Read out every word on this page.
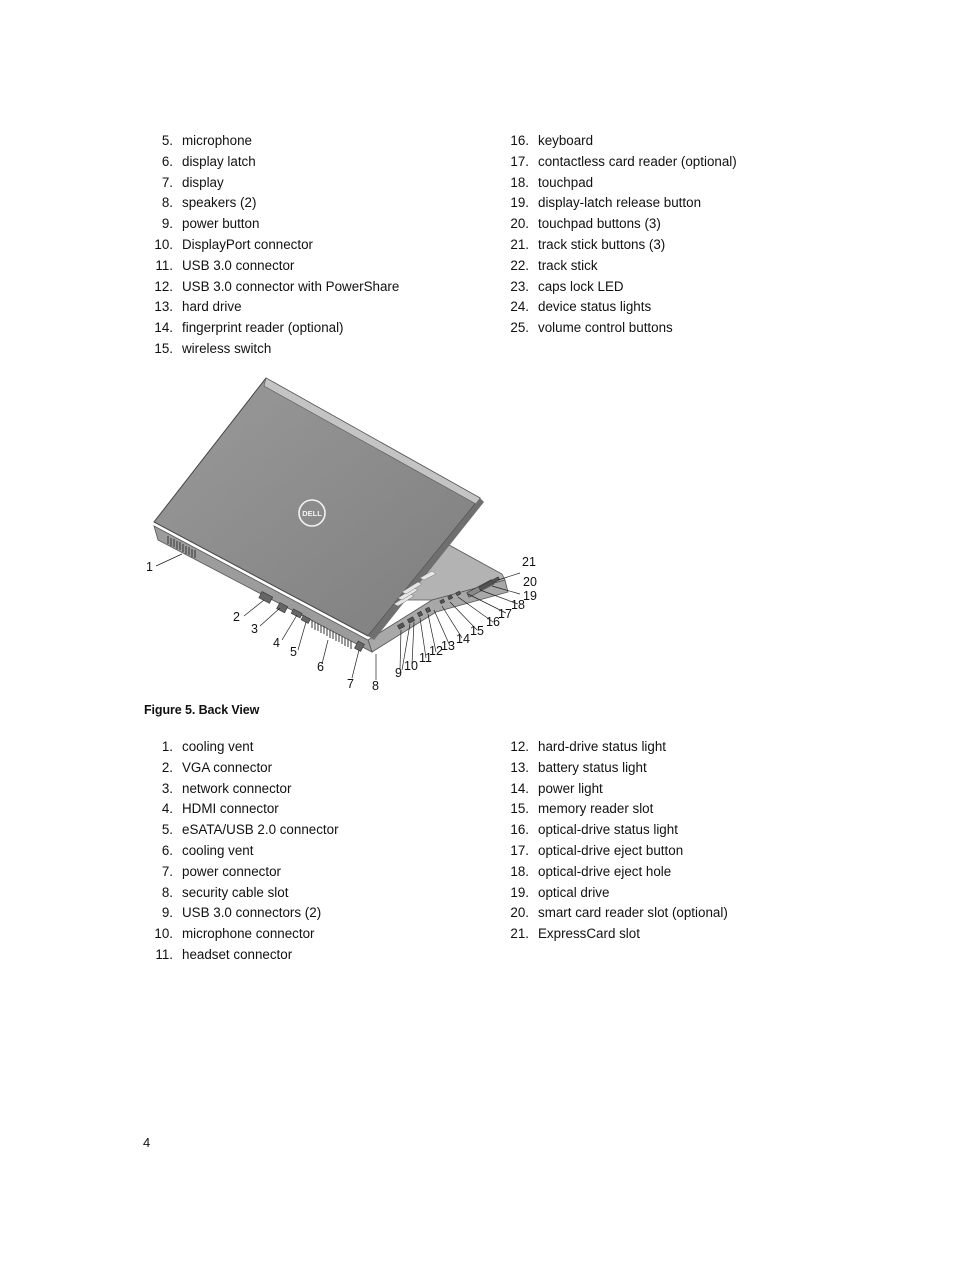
5. microphone
6. display latch
7. display
8. speakers (2)
9. power button
10. DisplayPort connector
11. USB 3.0 connector
12. USB 3.0 connector with PowerShare
13. hard drive
14. fingerprint reader (optional)
15. wireless switch
16. keyboard
17. contactless card reader (optional)
18. touchpad
19. display-latch release button
20. touchpad buttons (3)
21. track stick buttons (3)
22. track stick
23. caps lock LED
24. device status lights
25. volume control buttons
DELL
1
2
3
4
5
6
7 8
9 10
11
12
13 14
15
16
17
18
19
20
21
Figure 5. Back View
1. cooling vent
2. VGA connector
3. network connector
4. HDMI connector
5. eSATA/USB 2.0 connector
6. cooling vent
7. power connector
8. security cable slot
9. USB 3.0 connectors (2)
10. microphone connector
11. headset connector
12. hard-drive status light
13. battery status light
14. power light
15. memory reader slot
16. optical-drive status light
17. optical-drive eject button
18. optical-drive eject hole
19. optical drive
20. smart card reader slot (optional)
21. ExpressCard slot
4
